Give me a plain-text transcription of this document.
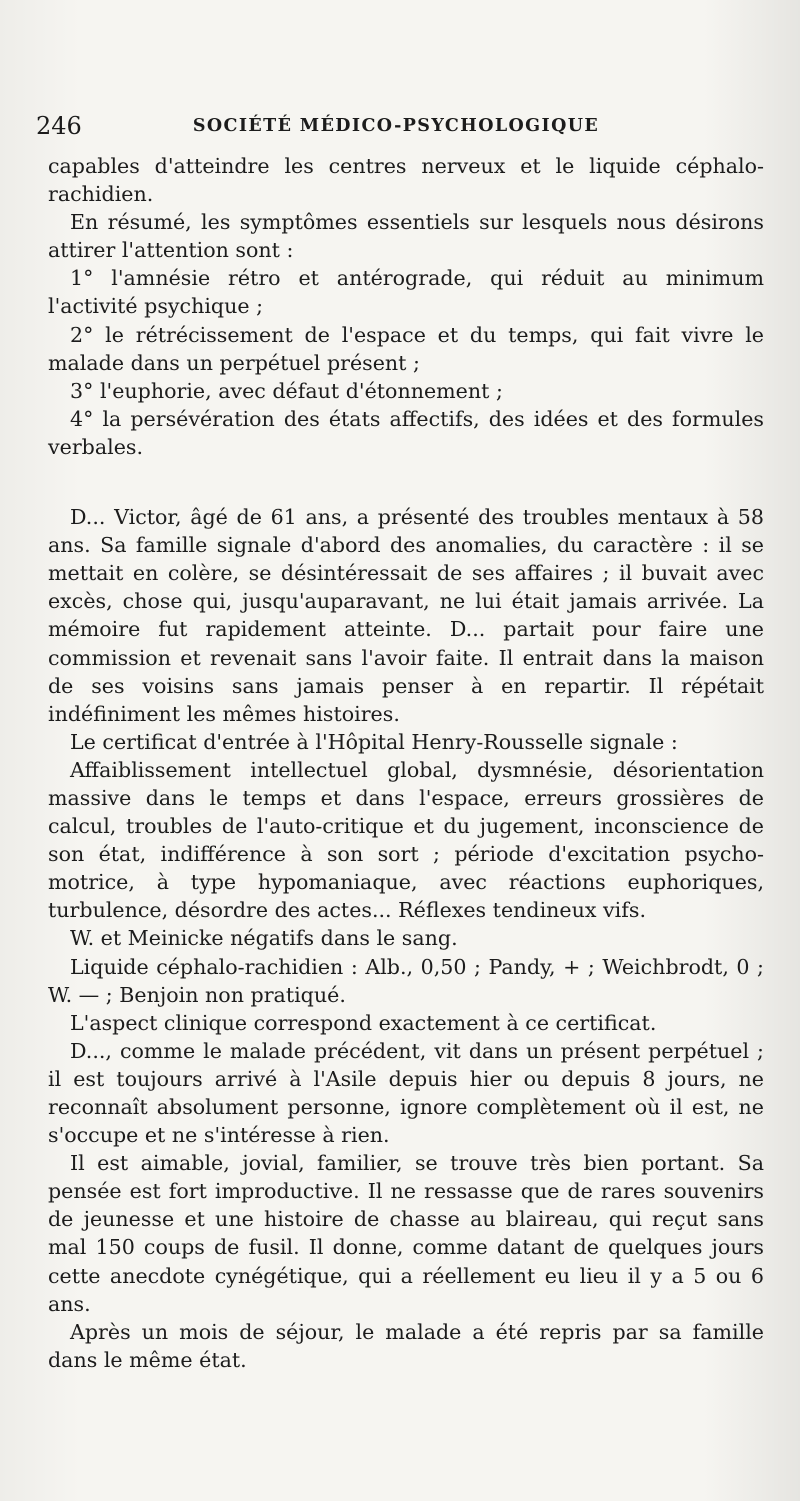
246	SOCIÉTÉ MÉDICO-PSYCHOLOGIQUE

capables d'atteindre les centres nerveux et le liquide céphalo-rachidien.

En résumé, les symptômes essentiels sur lesquels nous désirons attirer l'attention sont :

1° l'amnésie rétro et antérograde, qui réduit au minimum l'activité psychique ;

2° le rétrécissement de l'espace et du temps, qui fait vivre le malade dans un perpétuel présent ;

3° l'euphorie, avec défaut d'étonnement ;

4° la persévération des états affectifs, des idées et des formules verbales.

D... Victor, âgé de 61 ans, a présenté des troubles mentaux à 58 ans. Sa famille signale d'abord des anomalies, du caractère : il se mettait en colère, se désintéressait de ses affaires ; il buvait avec excès, chose qui, jusqu'auparavant, ne lui était jamais arrivée. La mémoire fut rapidement atteinte. D... partait pour faire une commission et revenait sans l'avoir faite. Il entrait dans la maison de ses voisins sans jamais penser à en repartir. Il répétait indéfiniment les mêmes histoires.

Le certificat d'entrée à l'Hôpital Henry-Rousselle signale :

Affaiblissement intellectuel global, dysmnésie, désorientation massive dans le temps et dans l'espace, erreurs grossières de calcul, troubles de l'auto-critique et du jugement, inconscience de son état, indifférence à son sort ; période d'excitation psycho-motrice, à type hypomaniaque, avec réactions euphoriques, turbulence, désordre des actes... Réflexes tendineux vifs.

W. et Meinicke négatifs dans le sang.

Liquide céphalo-rachidien : Alb., 0,50 ; Pandy, + ; Weichbrodt, 0 ; W. — ; Benjoin non pratiqué.

L'aspect clinique correspond exactement à ce certificat.

D..., comme le malade précédent, vit dans un présent perpétuel ; il est toujours arrivé à l'Asile depuis hier ou depuis 8 jours, ne reconnaît absolument personne, ignore complètement où il est, ne s'occupe et ne s'intéresse à rien.

Il est aimable, jovial, familier, se trouve très bien portant. Sa pensée est fort improductive. Il ne ressasse que de rares souvenirs de jeunesse et une histoire de chasse au blaireau, qui reçut sans mal 150 coups de fusil. Il donne, comme datant de quelques jours cette anecdote cynégétique, qui a réellement eu lieu il y a 5 ou 6 ans.

Après un mois de séjour, le malade a été repris par sa famille dans le même état.
